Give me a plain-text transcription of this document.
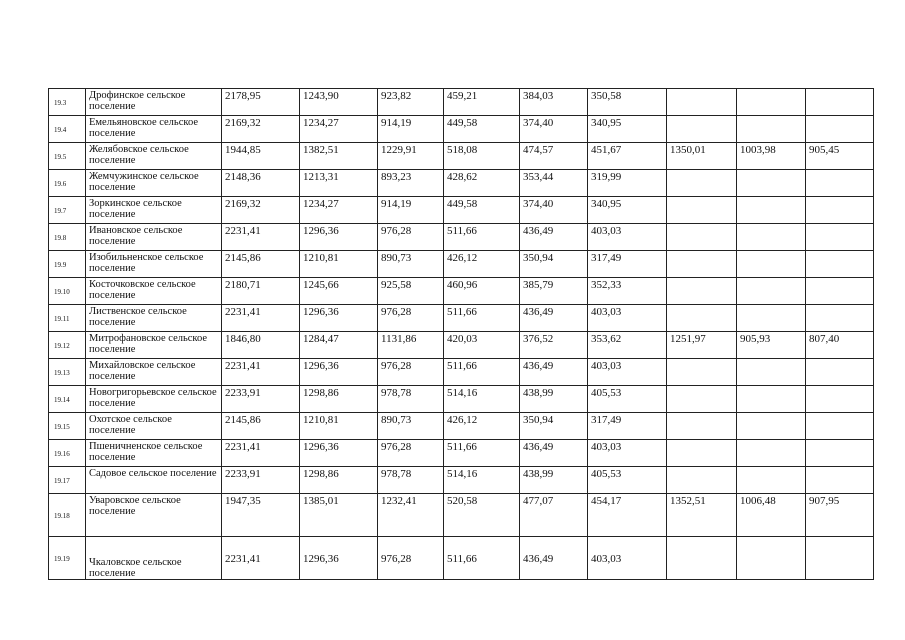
19.3	Дрофинское сельское поселение	2178,95	1243,90	923,82	459,21	384,03	350,58			
19.4	Емельяновское сельское поселение	2169,32	1234,27	914,19	449,58	374,40	340,95			
19.5	Желябовское сельское поселение	1944,85	1382,51	1229,91	518,08	474,57	451,67	1350,01	1003,98	905,45
19.6	Жемчужинское сельское поселение	2148,36	1213,31	893,23	428,62	353,44	319,99			
19.7	Зоркинское сельское поселение	2169,32	1234,27	914,19	449,58	374,40	340,95			
19.8	Ивановское сельское поселение	2231,41	1296,36	976,28	511,66	436,49	403,03			
19.9	Изобильненское сельское поселение	2145,86	1210,81	890,73	426,12	350,94	317,49			
19.10	Косточковское сельское поселение	2180,71	1245,66	925,58	460,96	385,79	352,33			
19.11	Лиственское сельское поселение	2231,41	1296,36	976,28	511,66	436,49	403,03			
19.12	Митрофановское сельское поселение	1846,80	1284,47	1131,86	420,03	376,52	353,62	1251,97	905,93	807,40
19.13	Михайловское сельское поселение	2231,41	1296,36	976,28	511,66	436,49	403,03			
19.14	Новогригорьевское сельское поселение	2233,91	1298,86	978,78	514,16	438,99	405,53			
19.15	Охотское сельское поселение	2145,86	1210,81	890,73	426,12	350,94	317,49			
19.16	Пшеничненское сельское поселение	2231,41	1296,36	976,28	511,66	436,49	403,03			
19.17	Садовое сельское поселение	2233,91	1298,86	978,78	514,16	438,99	405,53			
19.18	Уваровское сельское поселение	1947,35	1385,01	1232,41	520,58	477,07	454,17	1352,51	1006,48	907,95
19.19	Чкаловское сельское поселение	2231,41	1296,36	976,28	511,66	436,49	403,03			
